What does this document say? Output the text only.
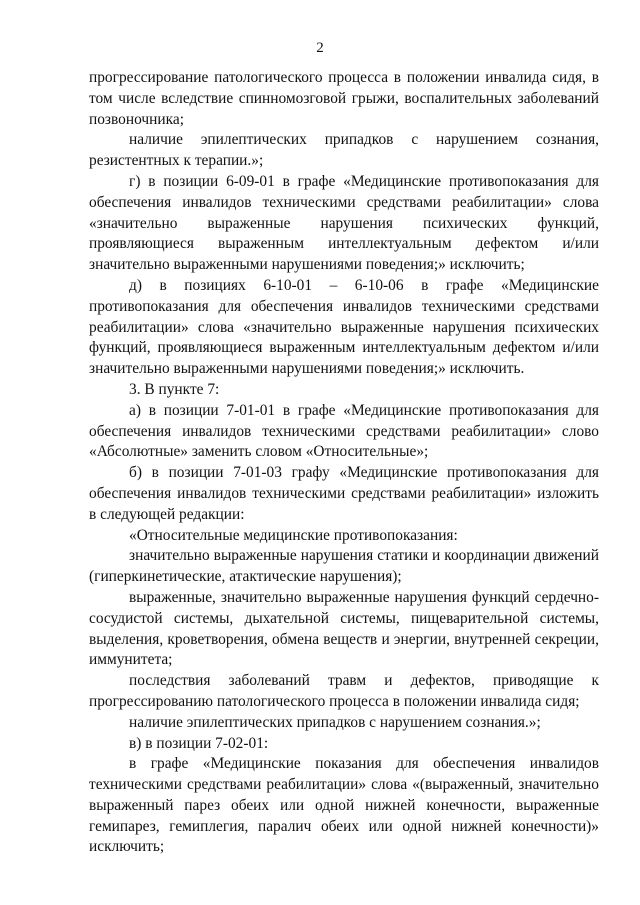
2

прогрессирование патологического процесса в положении инвалида сидя, в том числе вследствие спинномозговой грыжи, воспалительных заболеваний позвоночника;

наличие эпилептических припадков с нарушением сознания, резистентных к терапии.»;

г) в позиции 6-09-01 в графе «Медицинские противопоказания для обеспечения инвалидов техническими средствами реабилитации» слова «значительно выраженные нарушения психических функций, проявляющиеся выраженным интеллектуальным дефектом и/или значительно выраженными нарушениями поведения;» исключить;

д) в позициях 6-10-01 – 6-10-06 в графе «Медицинские противопоказания для обеспечения инвалидов техническими средствами реабилитации» слова «значительно выраженные нарушения психических функций, проявляющиеся выраженным интеллектуальным дефектом и/или значительно выраженными нарушениями поведения;» исключить.

3. В пункте 7:

а) в позиции 7-01-01 в графе «Медицинские противопоказания для обеспечения инвалидов техническими средствами реабилитации» слово «Абсолютные» заменить словом «Относительные»;

б) в позиции 7-01-03 графу «Медицинские противопоказания для обеспечения инвалидов техническими средствами реабилитации» изложить в следующей редакции:

«Относительные медицинские противопоказания:

значительно выраженные нарушения статики и координации движений (гиперкинетические, атактические нарушения);

выраженные, значительно выраженные нарушения функций сердечно-сосудистой системы, дыхательной системы, пищеварительной системы, выделения, кроветворения, обмена веществ и энергии, внутренней секреции, иммунитета;

последствия заболеваний травм и дефектов, приводящие к прогрессированию патологического процесса в положении инвалида сидя;

наличие эпилептических припадков с нарушением сознания.»;

в) в позиции 7-02-01:

в графе «Медицинские показания для обеспечения инвалидов техническими средствами реабилитации» слова «(выраженный, значительно выраженный парез обеих или одной нижней конечности, выраженные гемипарез, гемиплегия, паралич обеих или одной нижней конечности)» исключить;
